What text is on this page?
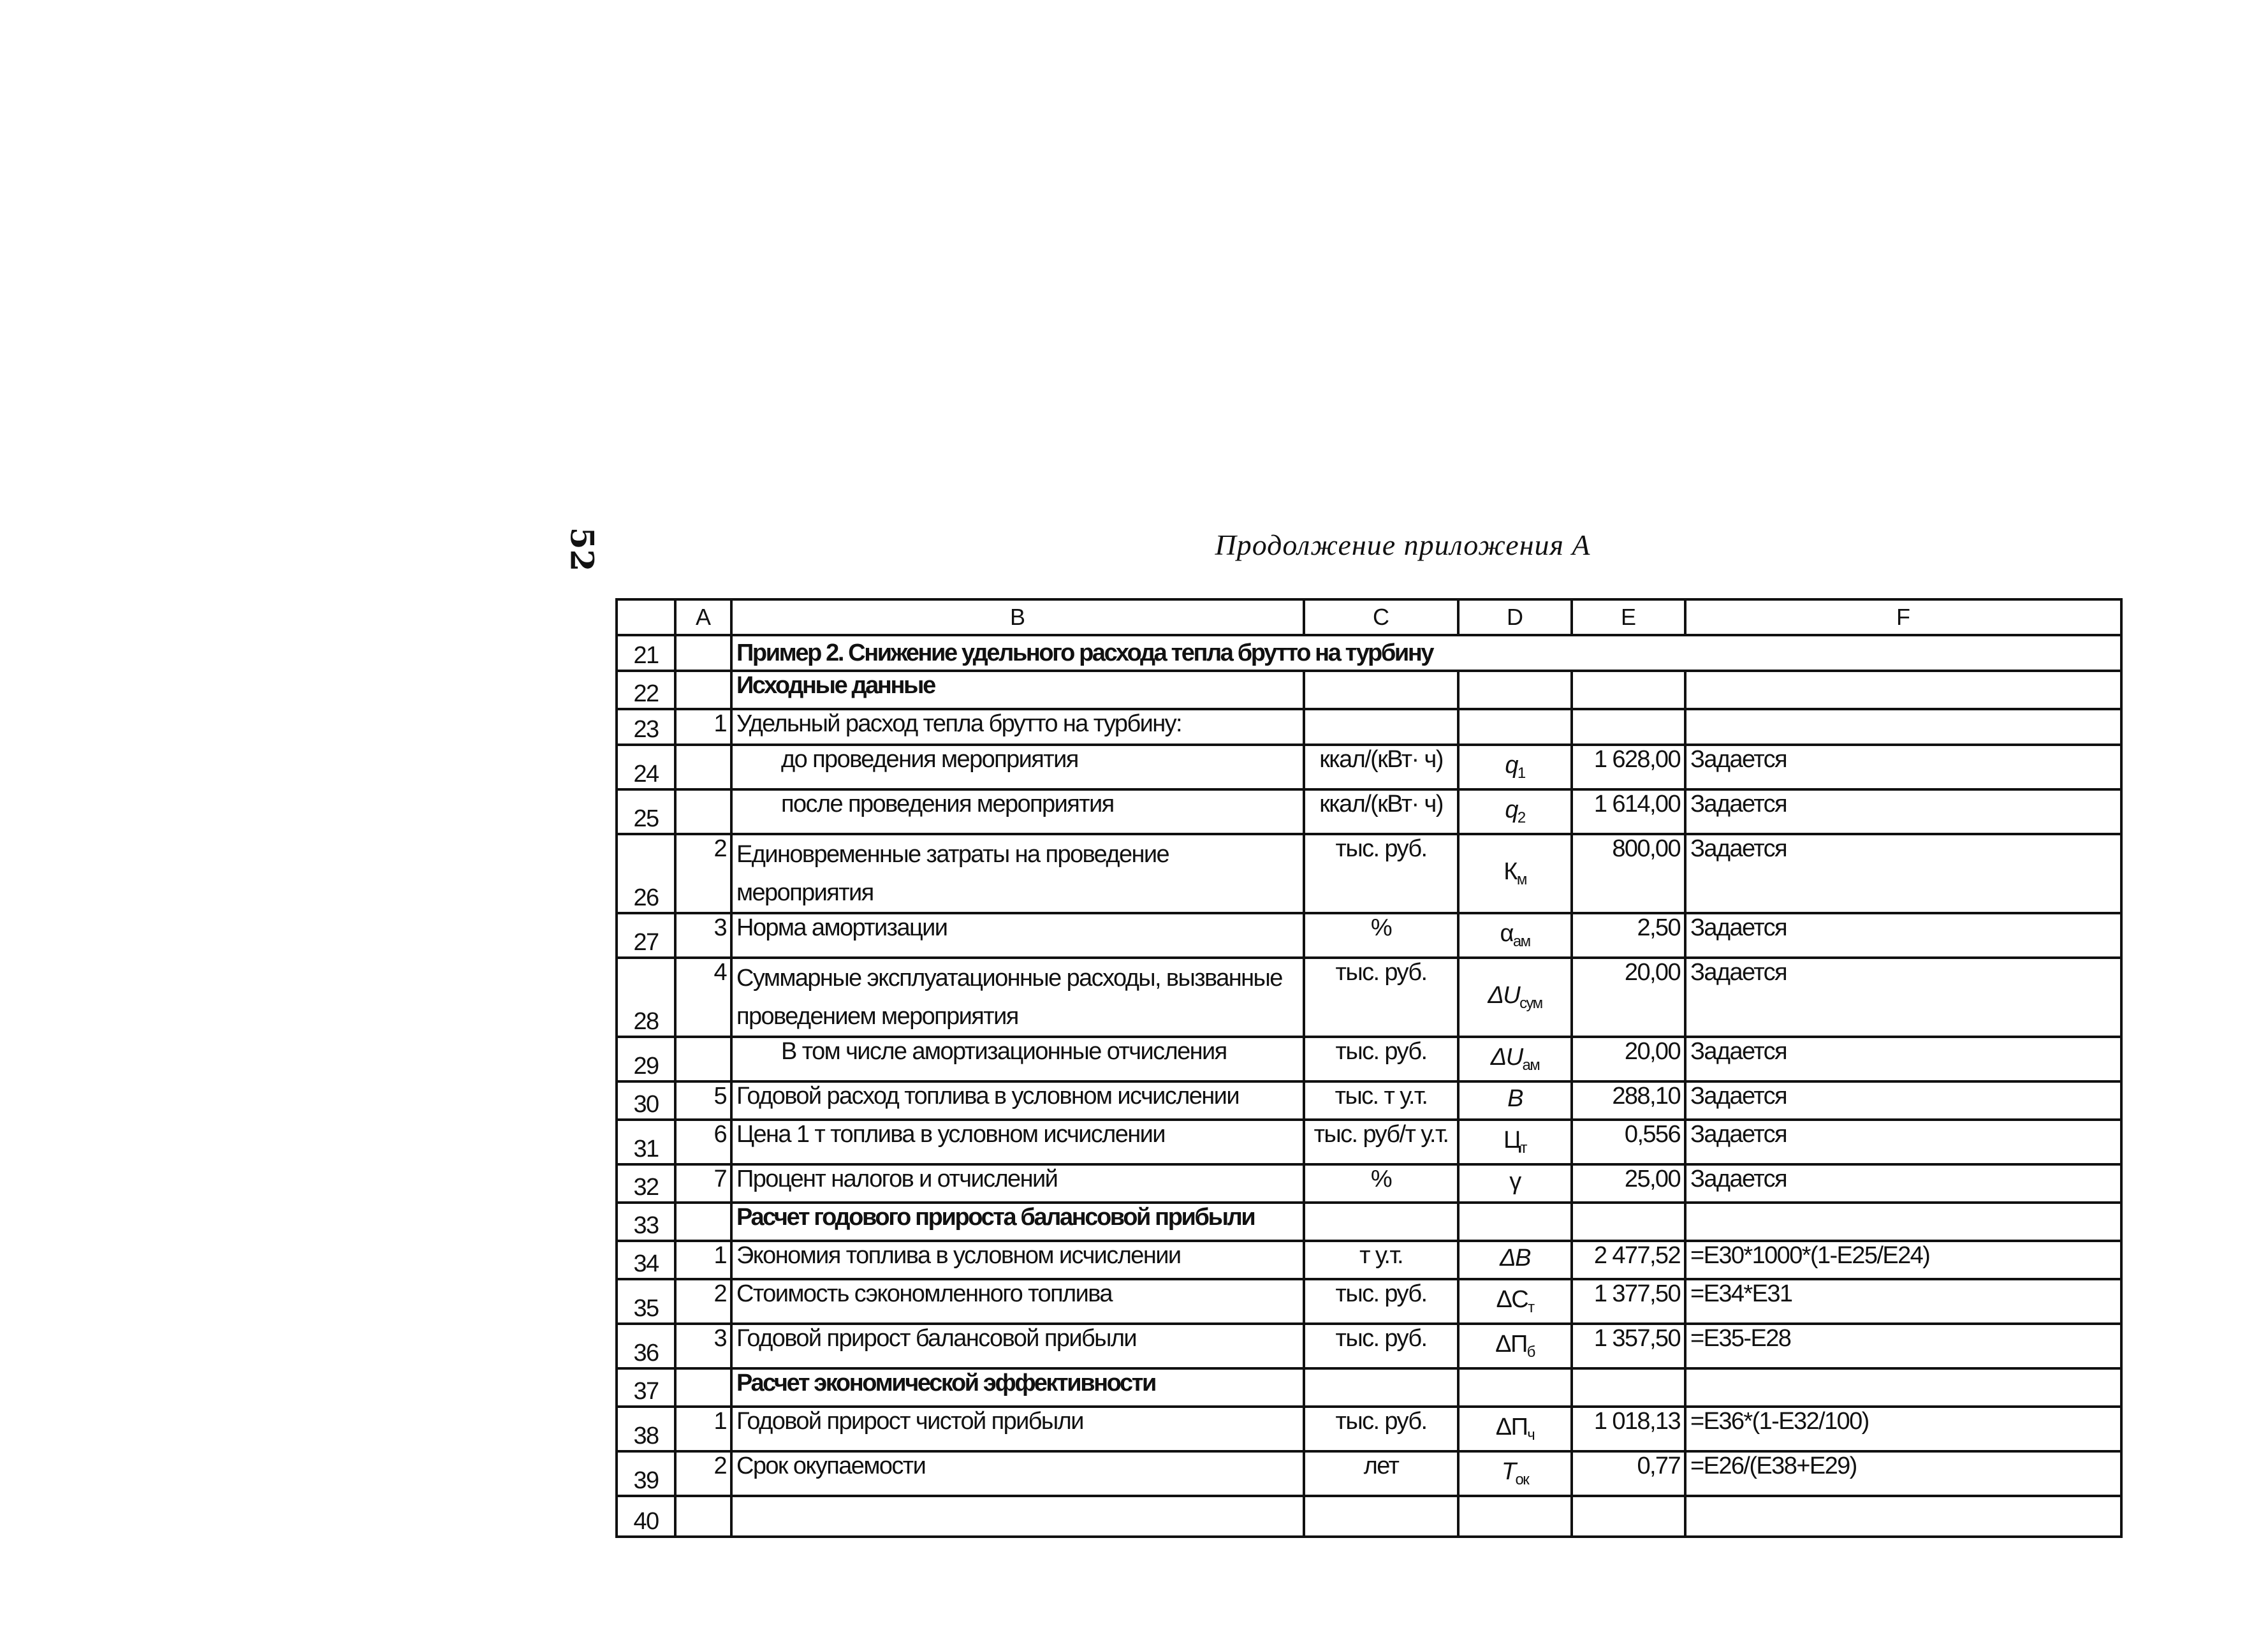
52	Продолжение приложения А
	A	B	C	D	E	F
21		Пример 2. Снижение удельного расхода тепла брутто на турбину				
22		Исходные данные				
23	1	Удельный расход тепла брутто на турбину:				
24		до проведения мероприятия	ккал/(кВт· ч)	$q_1$	1 628,00	Задается
25		после проведения мероприятия	ккал/(кВт· ч)	$q_2$	1 614,00	Задается
26	2	Единовременные затраты на проведение мероприятия	тыс. руб.	$К_м$	800,00	Задается
27	3	Норма амортизации	%	$\alpha_{ам}$	2,50	Задается
28	4	Суммарные эксплуатационные расходы, вызванные проведением мероприятия	тыс. руб.	$\Delta U_{сум}$	20,00	Задается
29		В том числе амортизационные отчисления	тыс. руб.	$\Delta U_{ам}$	20,00	Задается
30	5	Годовой расход топлива в условном исчислении	тыс. т у.т.	B	288,10	Задается
31	6	Цена 1 т топлива в условном исчислении	тыс. руб/т у.т.	$Ц_т$	0,556	Задается
32	7	Процент налогов и отчислений	%	γ	25,00	Задается
33		Расчет годового прироста балансовой прибыли				
34	1	Экономия топлива в условном исчислении	т у.т.	ΔB	2 477,52	=E30*1000*(1-E25/E24)
35	2	Стоимость сэкономленного топлива	тыс. руб.	$\Delta С_т$	1 377,50	=E34*E31
36	3	Годовой прирост балансовой прибыли	тыс. руб.	$\Delta П_б$	1 357,50	=E35-E28
37		Расчет экономической эффективности				
38	1	Годовой прирост чистой прибыли	тыс. руб.	$\Delta П_ч$	1 018,13	=E36*(1-E32/100)
39	2	Срок окупаемости	лет	$T_{ок}$	0,77	=E26/(E38+E29)
40						
